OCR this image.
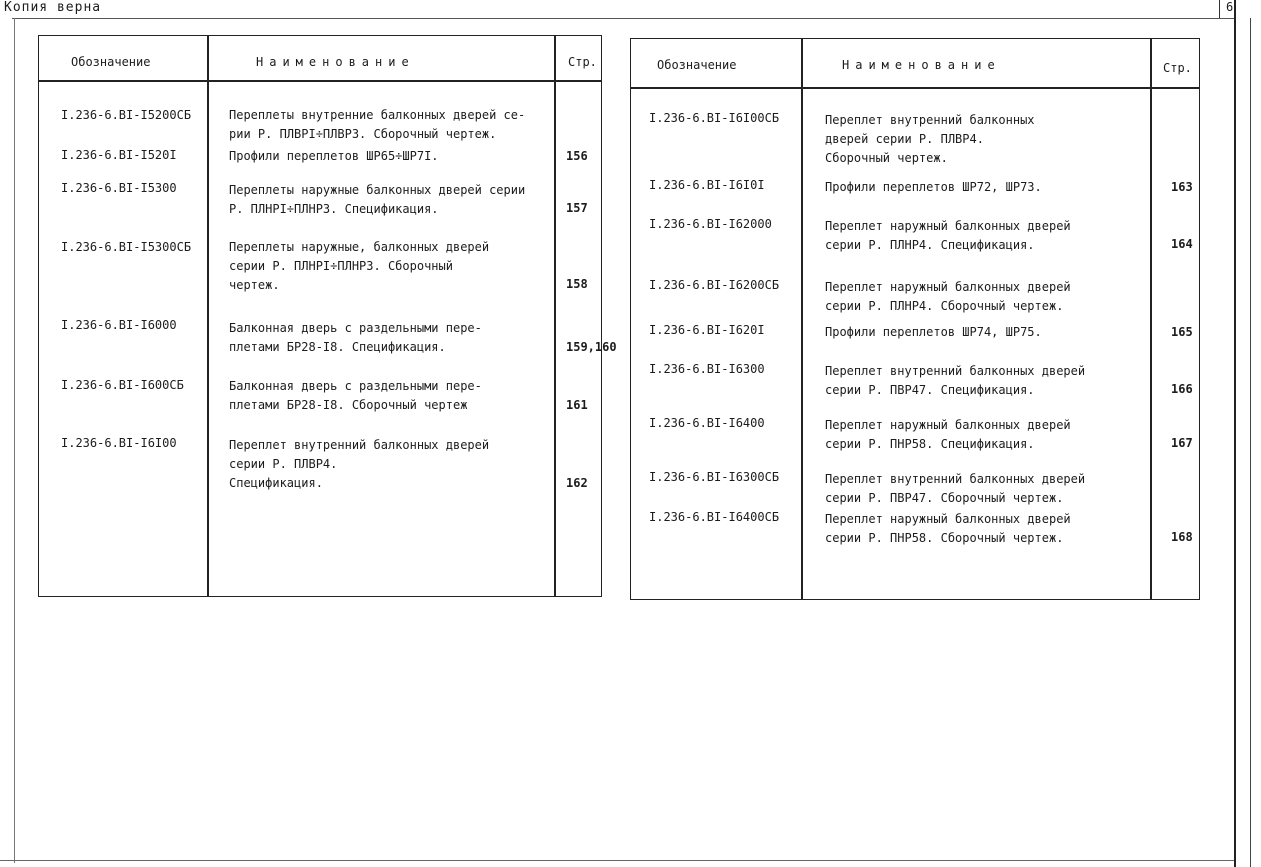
Копия верна	6
Обозначение	Наименование	Стр.
I.236-6.BI-I5200СБ	Переплеты внутренние балконных дверей се-
рии Р. ПЛВРI÷ПЛВР3. Сборочный чертеж.
I.236-6.BI-I520I	Профили переплетов ШР65÷ШР7I.	156
I.236-6.BI-I5300	Переплеты наружные балконных дверей серии
Р. ПЛНРI÷ПЛНР3. Спецификация.	157
I.236-6.BI-I5300СБ	Переплеты наружные, балконных дверей
серии Р. ПЛНРI÷ПЛНР3. Сборочный
чертеж.	158
I.236-6.BI-I6000	Балконная дверь с раздельными пере-
плетами БР28-I8. Спецификация.	159,160
I.236-6.BI-I600СБ	Балконная дверь с раздельными пере-
плетами БР28-I8. Сборочный чертеж	161
I.236-6.BI-I6I00	Переплет внутренний балконных дверей
серии Р. ПЛВР4.
Спецификация.	162
Обозначение	Наименование	Стр.
I.236-6.BI-I6I00СБ	Переплет внутренний балконных
дверей серии Р. ПЛВР4.
Сборочный чертеж.
I.236-6.BI-I6I0I	Профили переплетов ШР72, ШР73.	163
I.236-6.BI-I62000	Переплет наружный балконных дверей
серии Р. ПЛНР4. Спецификация.	164
I.236-6.BI-I6200СБ	Переплет наружный балконных дверей
серии Р. ПЛНР4. Сборочный чертеж.
I.236-6.BI-I620I	Профили переплетов ШР74, ШР75.	165
I.236-6.BI-I6300	Переплет внутренний балконных дверей
серии Р. ПВР47. Спецификация.	166
I.236-6.BI-I6400	Переплет наружный балконных дверей
серии Р. ПНР58. Спецификация.	167
I.236-6.BI-I6300СБ	Переплет внутренний балконных дверей
серии Р. ПВР47. Сборочный чертеж.
I.236-6.BI-I6400СБ	Переплет наружный балконных дверей
серии Р. ПНР58. Сборочный чертеж.	168
